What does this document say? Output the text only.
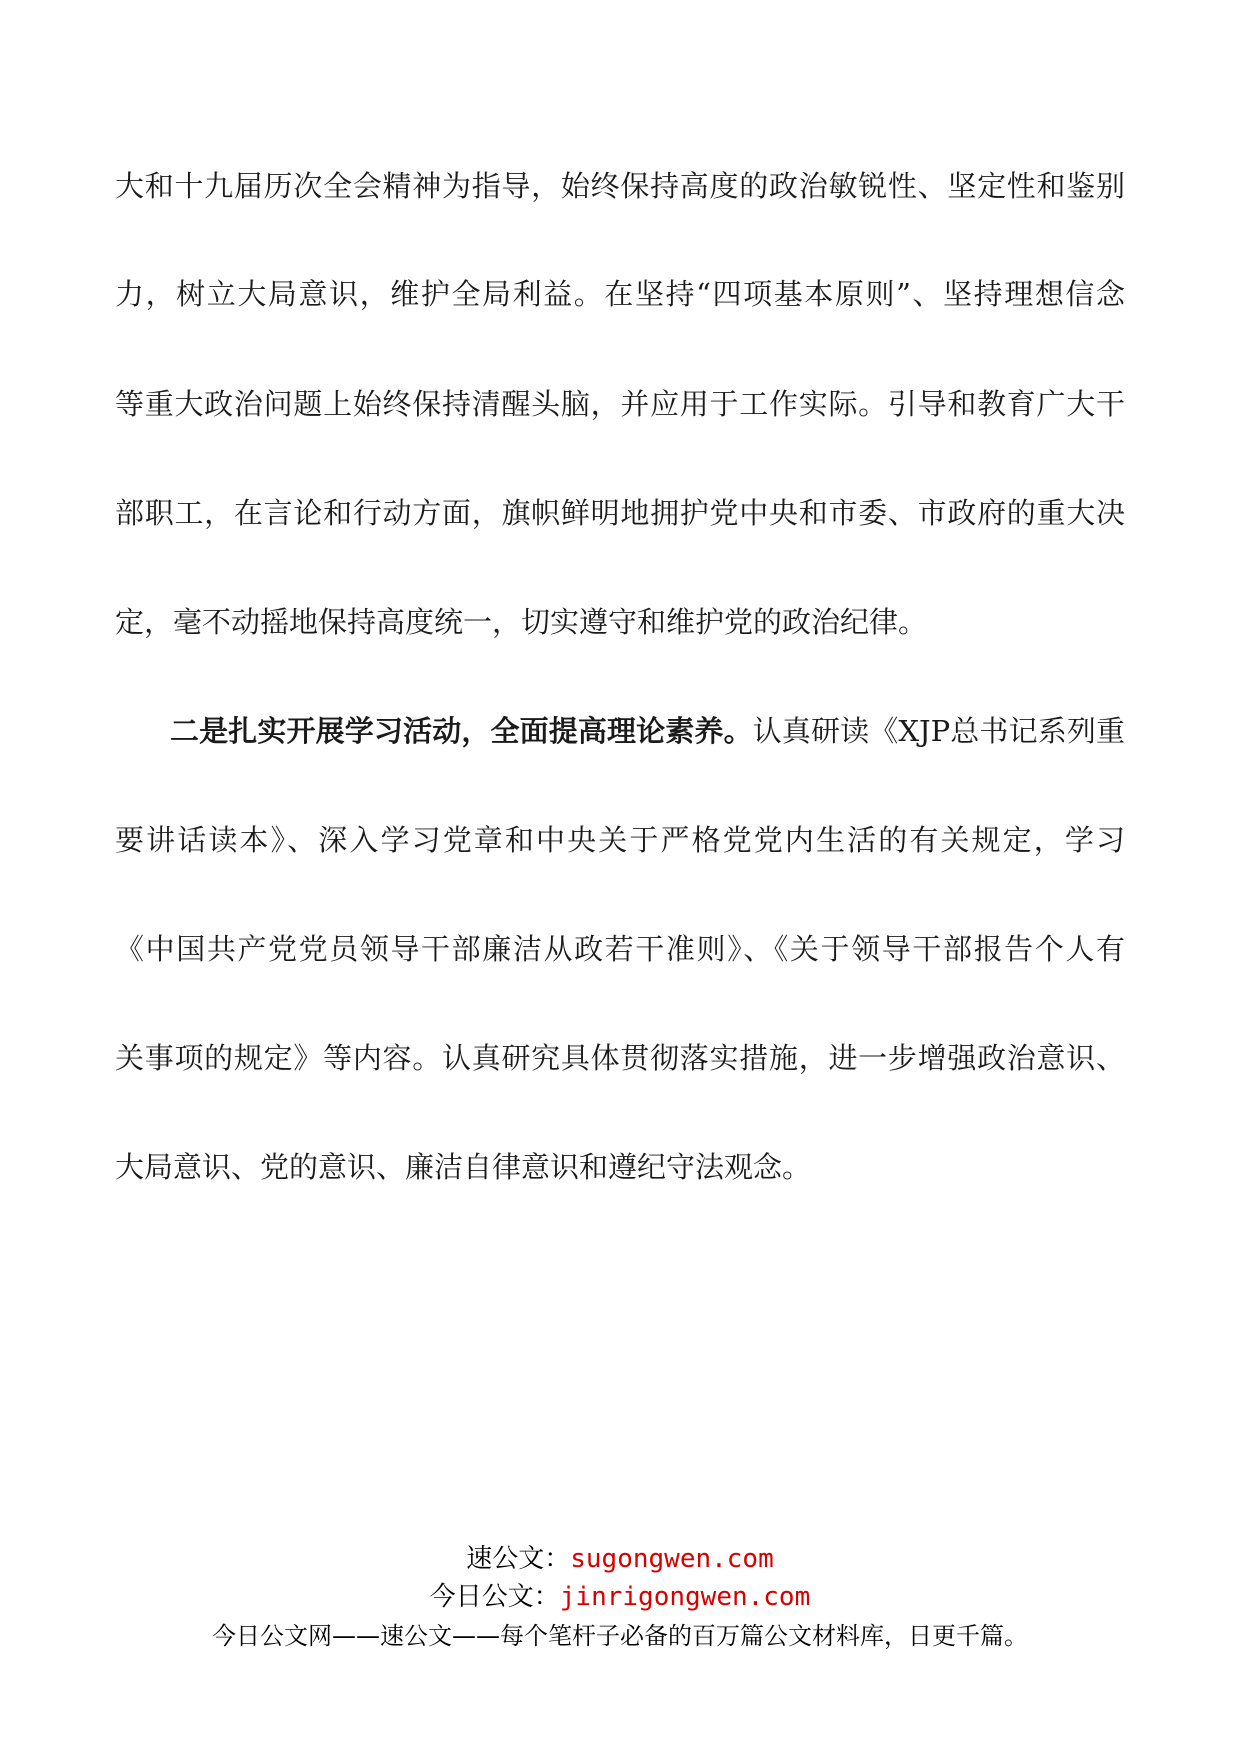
大和十九届历次全会精神为指导，始终保持高度的政治敏锐性、坚定性和鉴别
力，树立大局意识，维护全局利益。在坚持“四项基本原则”、坚持理想信念
等重大政治问题上始终保持清醒头脑，并应用于工作实际。引导和教育广大干
部职工，在言论和行动方面，旗帜鲜明地拥护党中央和市委、市政府的重大决
定，毫不动摇地保持高度统一，切实遵守和维护党的政治纪律。
二是扎实开展学习活动，全面提高理论素养。认真研读《XJP总书记系列重
要讲话读本》、深入学习党章和中央关于严格党党内生活的有关规定，学习
《中国共产党党员领导干部廉洁从政若干准则》、《关于领导干部报告个人有
关事项的规定》等内容。认真研究具体贯彻落实措施，进一步增强政治意识、
大局意识、党的意识、廉洁自律意识和遵纪守法观念。
速公文：sugongwen.com
今日公文：jinrigongwen.com
今日公文网——速公文——每个笔杆子必备的百万篇公文材料库，日更千篇。
